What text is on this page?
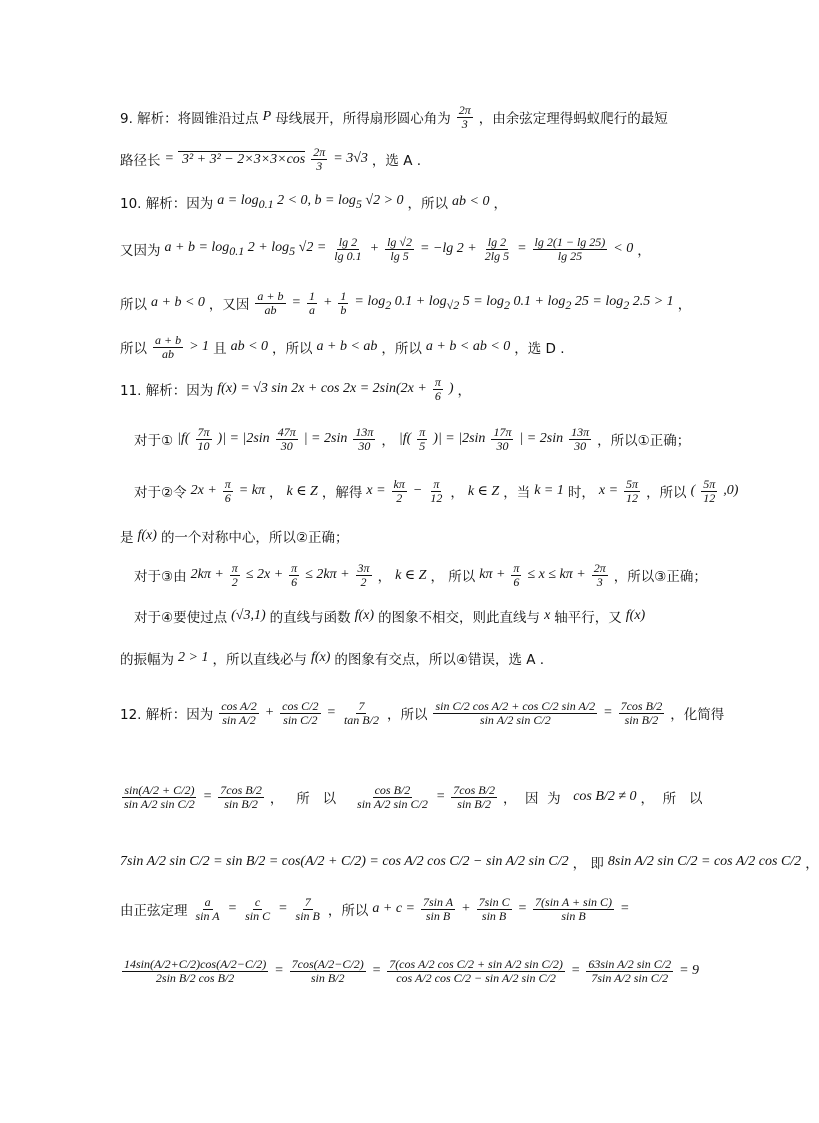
9. 解析：将圆锥沿过点 P 母线展开，所得扇形圆心角为 $\frac{2\pi}{3}$ ，由余弦定理得蚂蚁爬行的最短
路径长 = $3^2 + 3^2 - 2\times 3\times 3\times\cos \frac{2\pi}{3} = 3√3$ ，选 A .
10. 解析：因为 $a = \log_{0.1} 2 < 0$, $b = \log_5 √2 > 0$ ，所以 ab < 0 ，
又因为 $a + b = \log_{0.1} 2 + \log_5 √2 = \frac{\lg 2}{\lg 0.1} + \frac{\lg √2}{\lg 5} = -\lg$ $2 + \frac{\lg 2}{2\lg 5} = \frac{\lg 2(1 - \lg 25)}{\lg 25} < 0$ ，
所以 a + b < 0 ，又因 $\frac{a + b}{ab} = \frac{1}{a} + \frac{1}{b} = \log_2 0.1 + \log_{√2} 5 = \log_2 0.1 + \log_2 25 = \log_2 2.5 > 1$ ，
所以 $\frac{a + b}{ab} > 1$ 且 ab < 0 ，所以 a + b < ab ，所以 a + b < ab < 0 ，选 D .
11. 解析：因为 f(x) = √3 $\sin 2x + \cos 2x = 2\sin(2x + \frac{\pi}{6}$ ) ，
对于① $|f( \frac{7\pi}{10}$ )| = $|2\sin \frac{47\pi}{30}$ | = $2\sin \frac{13\pi}{30}$ ， $|f( \frac{\pi}{5}$ )| = $|2\sin \frac{17\pi}{30}$ | = $2\sin \frac{13\pi}{30}$ ，所以①正确；
对于②令 $2x + \frac{\pi}{6} = k\pi$ ， k ∈ Z ，解得 $x = \frac{k\pi}{2} - \frac{\pi}{12}$ ， k ∈ Z ，当 k = 1 时， $x = \frac{5\pi}{12}$ ，所以 ( $\frac{5\pi}{12} ,0$)
是 f(x) 的一个对称中心，所以②正确；
对于③由 $2k\pi + \frac{\pi}{2} \le 2x + \frac{\pi}{6} \le 2k\pi + \frac{3\pi}{2}$ ， k ∈ Z ， 所以 $k\pi + \frac{\pi}{6} \le x \le k\pi + \frac{2\pi}{3}$ ，所以③正确；
对于④要使过点 (√3,1) 的直线与函数 f(x) 的图象不相交，则此直线与 x 轴平行，又 f(x)
的振幅为 2 > 1 ，所以直线必与 f(x) 的图象有交点，所以④错误，选 A .
12. 解析：因为 $\frac{\text{cos A/2}}{\text{sin A/2}} + \frac{\text{cos C/2}}{\text{sin C/2}} = \frac{7}{\text{tan B/2}}$ ，所以 $\frac{\text{sin C/2 cos A/2 + cos C/2 sin A/2}}{\text{sin A/2 sin C/2}} = \frac{\text{7cos B/2}}{\text{sin B/2}}$ ，化简得
$\frac{\sin(A/2 + C/2)}{\text{sin A/2 sin C/2}} = \frac{\text{7cos B/2}}{\text{sin B/2}}$ ，   所   以 $\frac{\text{cos B/2}}{\text{sin A/2 sin C/2}} = \frac{\text{7cos B/2}}{\text{sin B/2}}$ ，  因  为 cos B/2 ≠ 0 ，  所   以
7sin A/2 sin C/2 = sin B/2 = cos(A/2 + C/2) = cos A/2 cos C/2 − sin A/2 sin C/2 ， 即 8sin A/2 sin C/2 = cos A/2 cos C/2 ，
由正弦定理 $\frac{a}{\text{sin A}} = \frac{c}{\text{sin C}} = \frac{7}{\text{sin B}}$ ，所以 $a + c = \frac{\text{7sin A}}{\text{sin B}} + \frac{\text{7sin C}}{\text{sin B}} = \frac{\text{7(sin A + sin C)}}{\text{sin B}}$ =
$\frac{14\sin(A/2+C/2)\cos(A/2-C/2)}{\text{2sin B/2 cos B/2}} = \frac{7\cos(A/2-C/2)}{\text{sin B/2}} = \frac{\text{7(cos A/2 cos C/2 + sin A/2 sin C/2)}}{\text{cos A/2 cos C/2 − sin A/2 sin C/2}} = \frac{\text{63sin A/2 sin C/2}}{\text{7sin A/2 sin C/2}} = 9$
